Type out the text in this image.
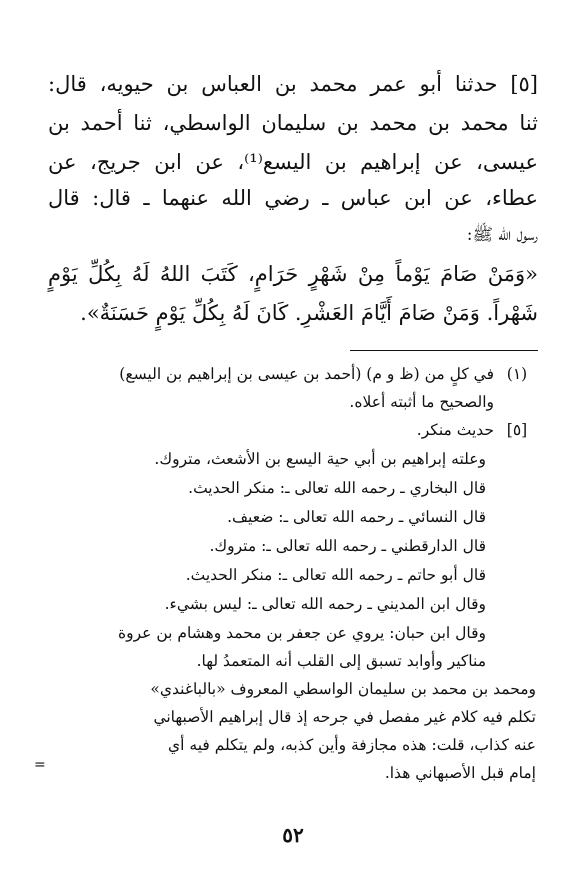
[٥] حدثنا أبو عمر محمد بن العباس بن حيويه، قال:
ثنا محمد بن محمد بن سليمان الواسطي، ثنا أحمد بن
عيسى، عن إبراهيم بن اليسع⁽¹⁾، عن ابن جريج، عن
عطاء، عن ابن عباس ـ رضي الله عنهما ـ قال: قال
رسول الله ﷺ:
«وَمَنْ صَامَ يَوْماً مِنْ شَهْرٍ حَرَامٍ، كَتَبَ اللهُ لَهُ بِكُلِّ يَوْمٍ
شَهْراً. وَمَنْ صَامَ أَيَّامَ العَشْرِ. كَانَ لَهُ بِكُلِّ يَوْمٍ حَسَنَةٌ».
(١)
في كلٍ من (ظ و م) (أحمد بن عيسى بن إبراهيم بن اليسع)
والصحيح ما أثبته أعلاه.
[٥]
حديث منكر.
وعلته إبراهيم بن أبي حية اليسع بن الأشعث، متروك.
قال البخاري ـ رحمه الله تعالى ـ: منكر الحديث.
قال النسائي ـ رحمه الله تعالى ـ: ضعيف.
قال الدارقطني ـ رحمه الله تعالى ـ: متروك.
قال أبو حاتم ـ رحمه الله تعالى ـ: منكر الحديث.
وقال ابن المديني ـ رحمه الله تعالى ـ: ليس بشيء.
وقال ابن حبان: يروي عن جعفر بن محمد وهشام بن عروة
مناكير وأوابد تسبق إلى القلب أنه المتعمدُ لها.
ومحمد بن محمد بن سليمان الواسطي المعروف «بالباغندي»
تكلم فيه كلام غير مفصل في جرحه إذ قال إبراهيم الأصبهاني
عنه كذاب، قلت: هذه مجازفة وأين كذبه، ولم يتكلم فيه أي
إمام قبل الأصبهاني هذا.
=
٥٢
